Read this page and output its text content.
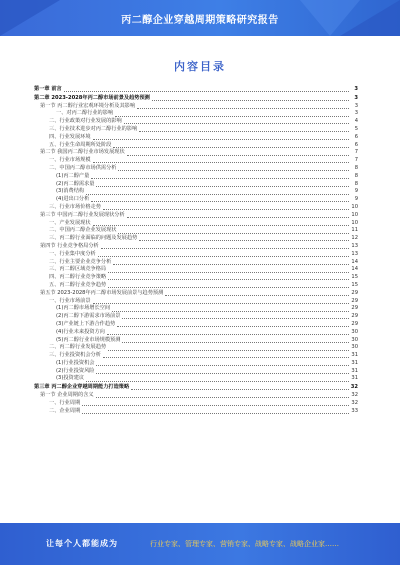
丙二醇企业穿越周期策略研究报告
内容目录
第一章 前言	3
第二章 2023-2028年丙二醇市场前景及趋势预测	3
第一节 丙二醇行业宏观环境分析及其影响	3
一、对丙二醇行业的影响	3
二、行业政策对行业发展的影响	4
三、行业技术进步对丙二醇行业的影响	5
四、行业发展环境	6
五、行业生命周期所处阶段	6
第二节 我国丙二醇行业市场发展现状	7
一、行业市场规模	7
二、中国丙二醇市场供需分析	8
(1)丙二醇产量	8
(2)丙二醇需求量	8
(3)消费结构	9
(4)进出口分析	9
三、行业市场价格走势	10
第三节 中国丙二醇行业发展现状分析	10
一、产业发展现状	10
二、中国丙二醇企业发展现状	11
三、丙二醇行业面临的问题及发展趋势	12
第四节 行业竞争格局分析	13
一、行业集中度分析	13
二、行业主要企业竞争分析	14
三、丙二醇区域竞争格局	14
四、丙二醇行业竞争策略	15
五、丙二醇行业竞争趋势	15
第五节 2023-2028年丙二醇市场发展前景与趋势预测	29
一、行业市场前景	29
(1)丙二醇市场增长空间	29
(2)丙二醇下游需求市场前景	29
(3)产业链上下游合作趋势	29
(4)行业未来投资方向	30
(5)丙二醇行业市场规模预测	30
二、丙二醇行业发展趋势	30
三、行业投资机会分析	31
(1)行业投资机会	31
(2)行业投资风险	31
(3)投资建议	31
第三章 丙二醇企业穿越周期能力打造策略	32
第一节 企业周期的含义	32
一、行业周期	32
二、企业周期	33
让每个人都能成为	行业专家、管理专家、营销专家、战略专家、战略企业家……
